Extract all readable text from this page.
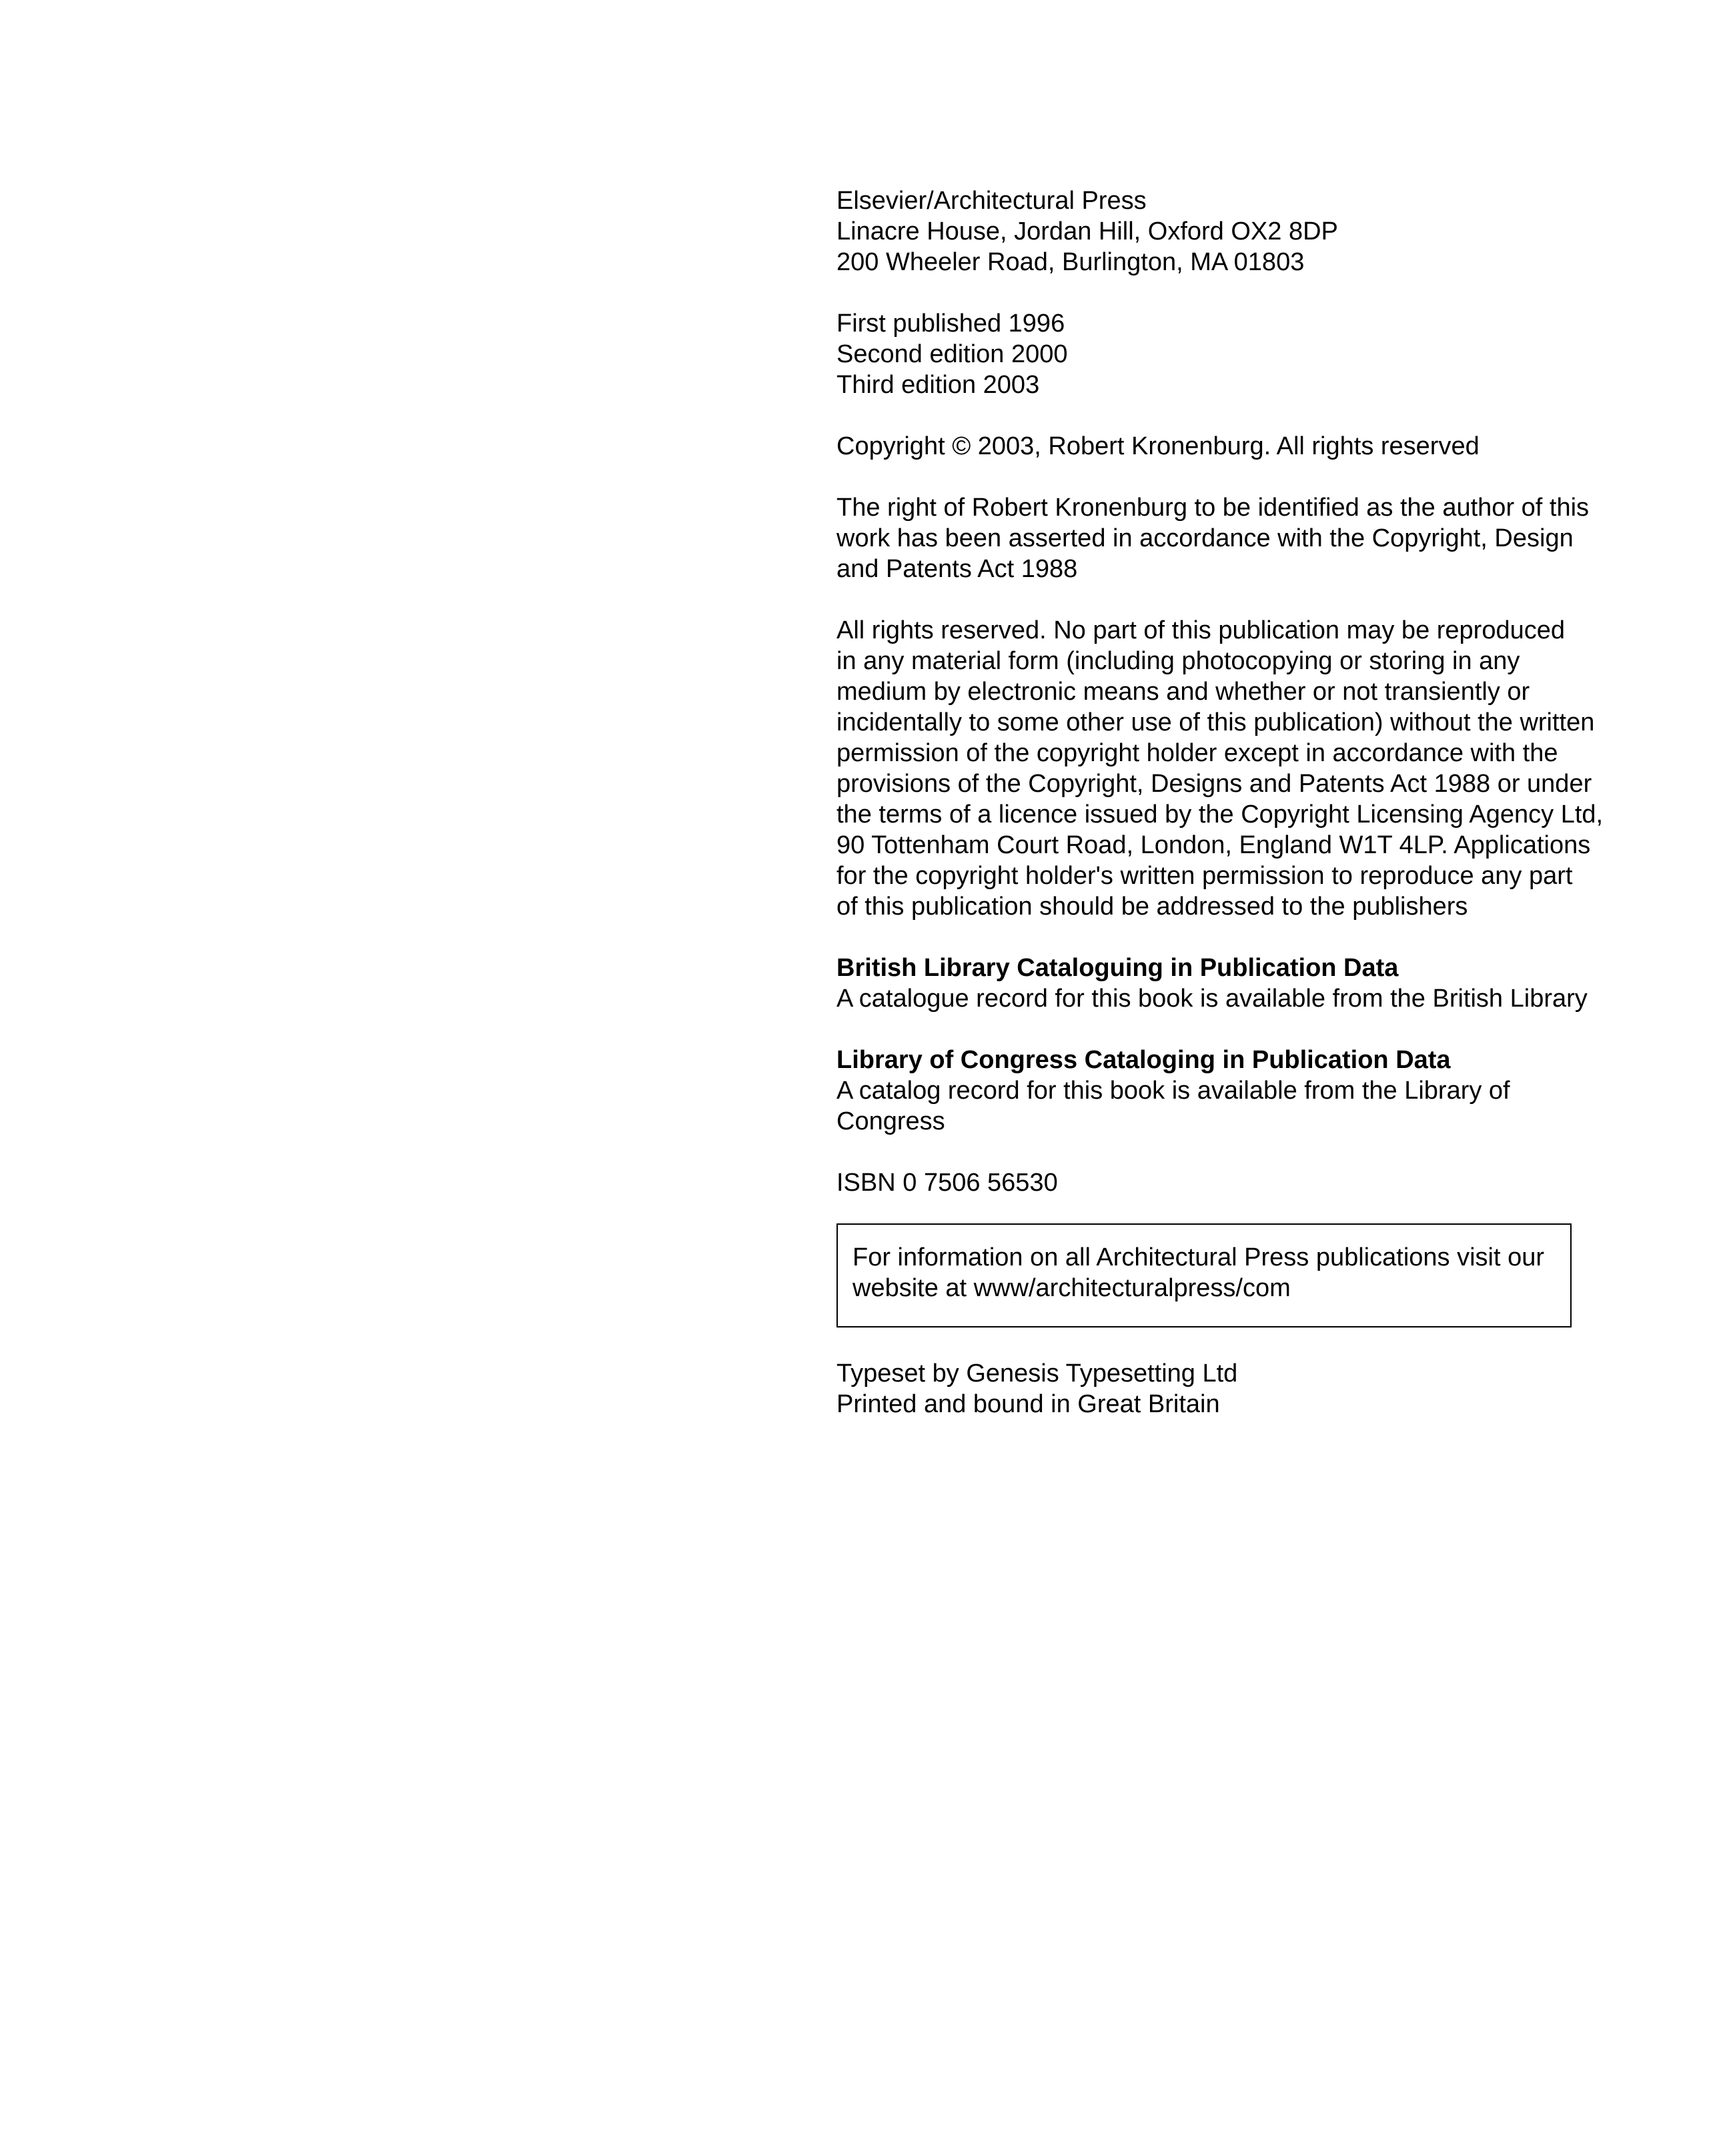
Elsevier/Architectural Press
Linacre House, Jordan Hill, Oxford OX2 8DP
200 Wheeler Road, Burlington, MA 01803
First published 1996
Second edition 2000
Third edition 2003
Copyright © 2003, Robert Kronenburg. All rights reserved
The right of Robert Kronenburg to be identified as the author of this
work has been asserted in accordance with the Copyright, Design
and Patents Act 1988
All rights reserved. No part of this publication may be reproduced
in any material form (including photocopying or storing in any
medium by electronic means and whether or not transiently or
incidentally to some other use of this publication) without the written
permission of the copyright holder except in accordance with the
provisions of the Copyright, Designs and Patents Act 1988 or under
the terms of a licence issued by the Copyright Licensing Agency Ltd,
90 Tottenham Court Road, London, England W1T 4LP. Applications
for the copyright holder's written permission to reproduce any part
of this publication should be addressed to the publishers
British Library Cataloguing in Publication Data
A catalogue record for this book is available from the British Library
Library of Congress Cataloging in Publication Data
A catalog record for this book is available from the Library of
Congress
ISBN 0 7506 56530
For information on all Architectural Press publications visit our
website at www/architecturalpress/com
Typeset by Genesis Typesetting Ltd
Printed and bound in Great Britain
